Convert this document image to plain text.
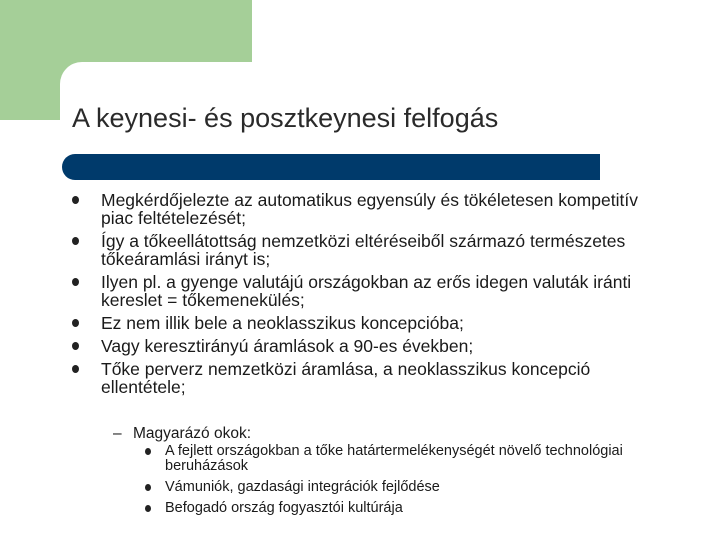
A keynesi- és posztkeynesi felfogás
Megkérdőjelezte az automatikus egyensúly és tökéletesen kompetitív piac feltételezését;
Így a tőkeellátottság nemzetközi eltéréseiből származó természetes tőkeáramlási irányt is;
Ilyen pl. a gyenge valutájú országokban az erős idegen valuták iránti kereslet = tőkemenekülés;
Ez nem illik bele a neoklasszikus koncepcióba;
Vagy keresztirányú áramlások a 90-es években;
Tőke perverz nemzetközi áramlása, a neoklasszikus koncepció ellentétele;
– Magyarázó okok:
A fejlett országokban a tőke határtermelékenységét növelő technológiai beruházások
Vámuniók, gazdasági integrációk fejlődése
Befogadó ország fogyasztói kultúrája
